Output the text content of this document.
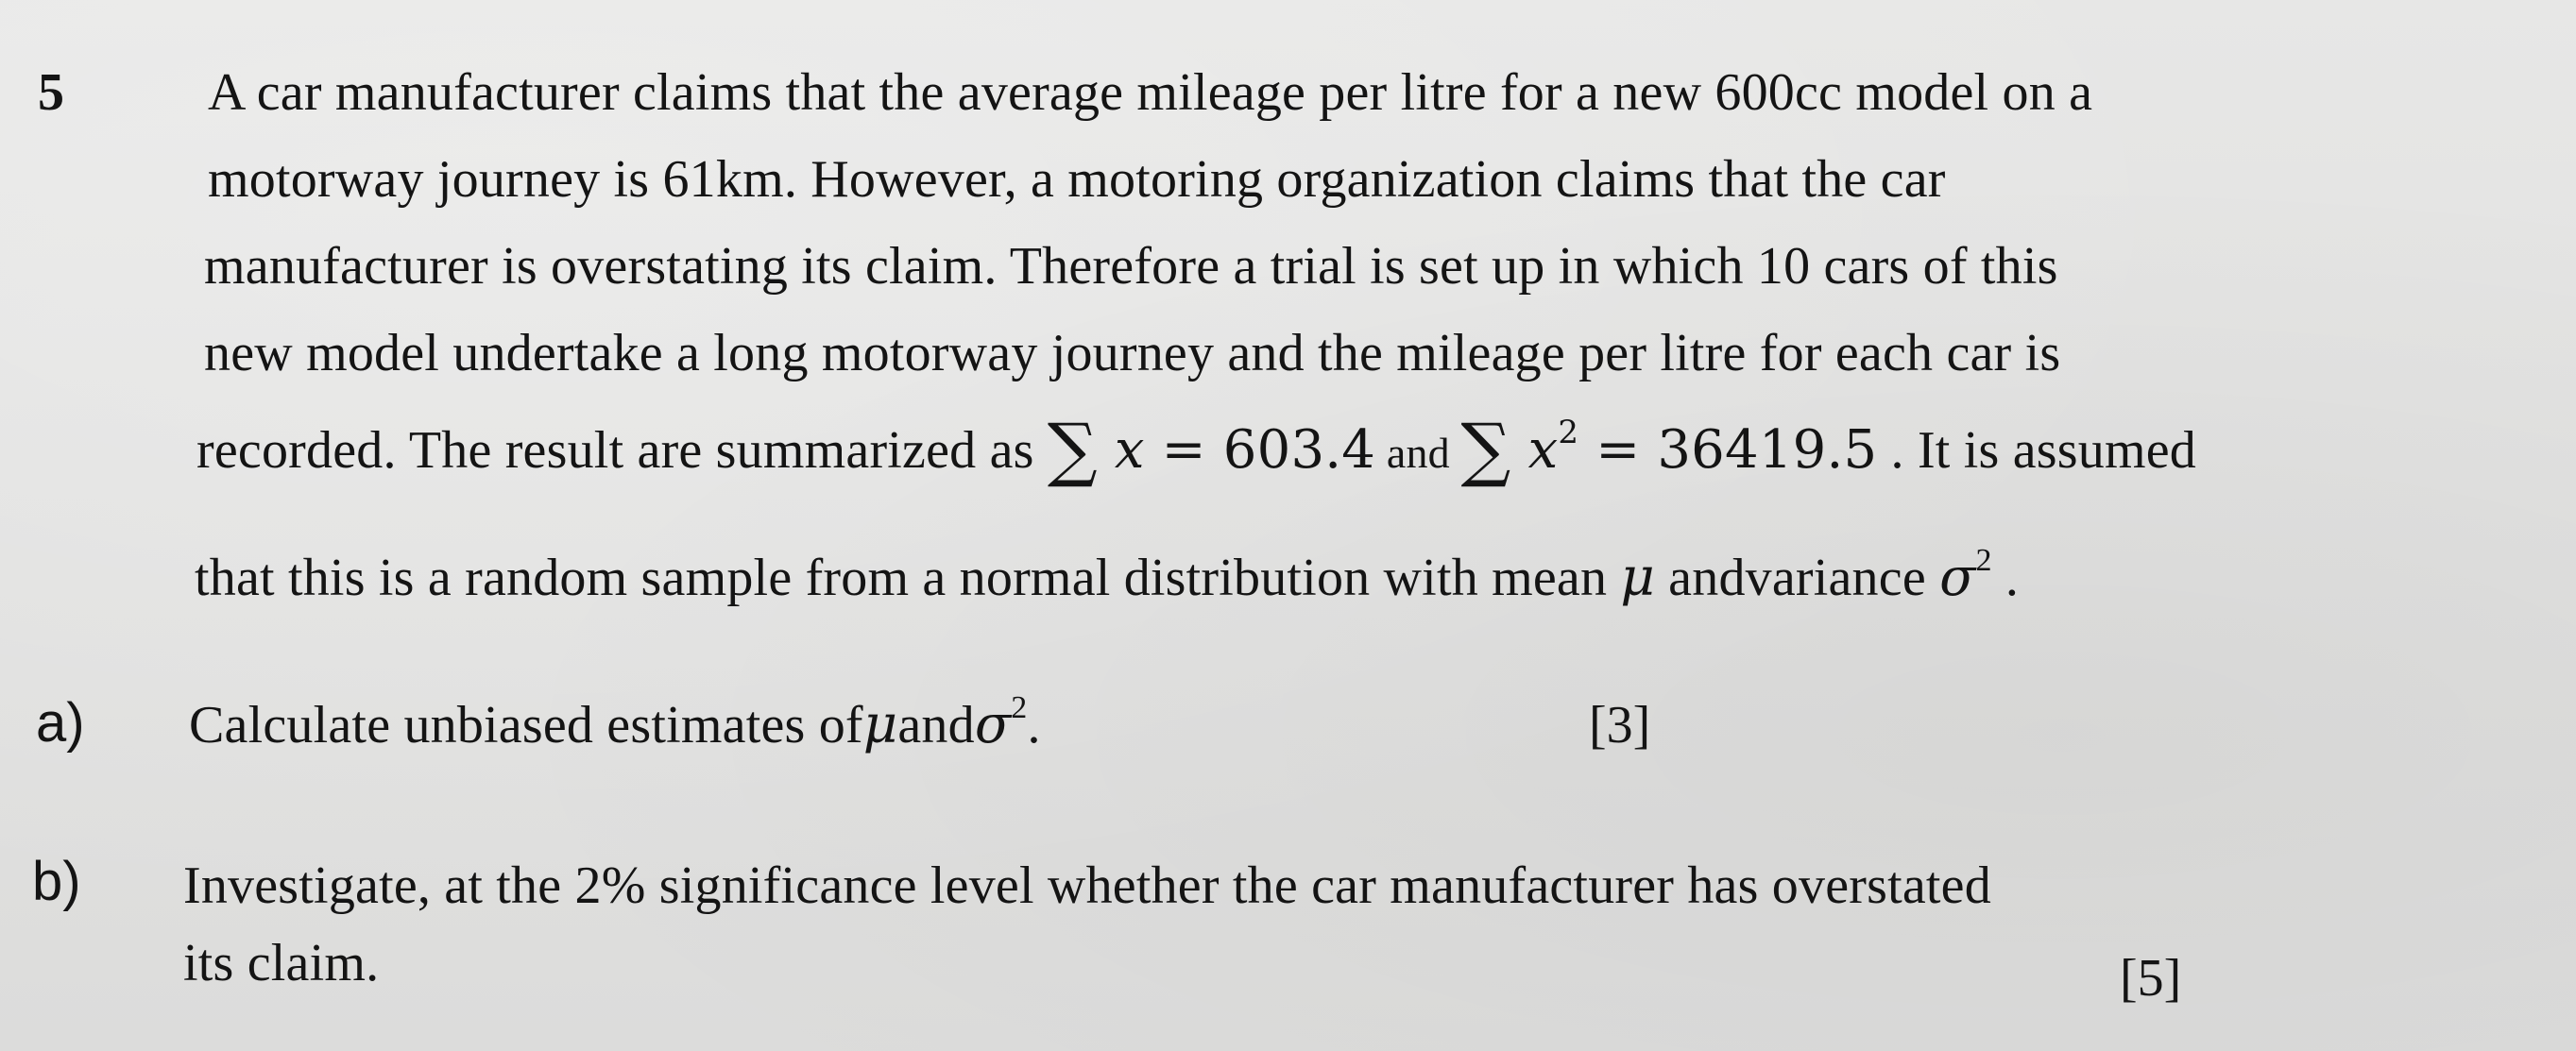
5	A car manufacturer claims that the average mileage per litre for a new 600cc model on a
motorway journey is 61km. However, a motoring organization claims that the car
manufacturer is overstating its claim. Therefore a trial is set up in which 10 cars of this
new model undertake a long motorway journey and the mileage per litre for each car is
recorded. The result are summarized as ∑ x = 603.4 and ∑ $x^2 = 36419.5$ . It is assumed
that this is a random sample from a normal distribution with mean μ andvariance $\sigma^2$ .
a) Calculate unbiased estimates ofμandσ$^2$.	[3]
b) Investigate, at the 2% significance level whether the car manufacturer has overstated
its claim.	[5]
